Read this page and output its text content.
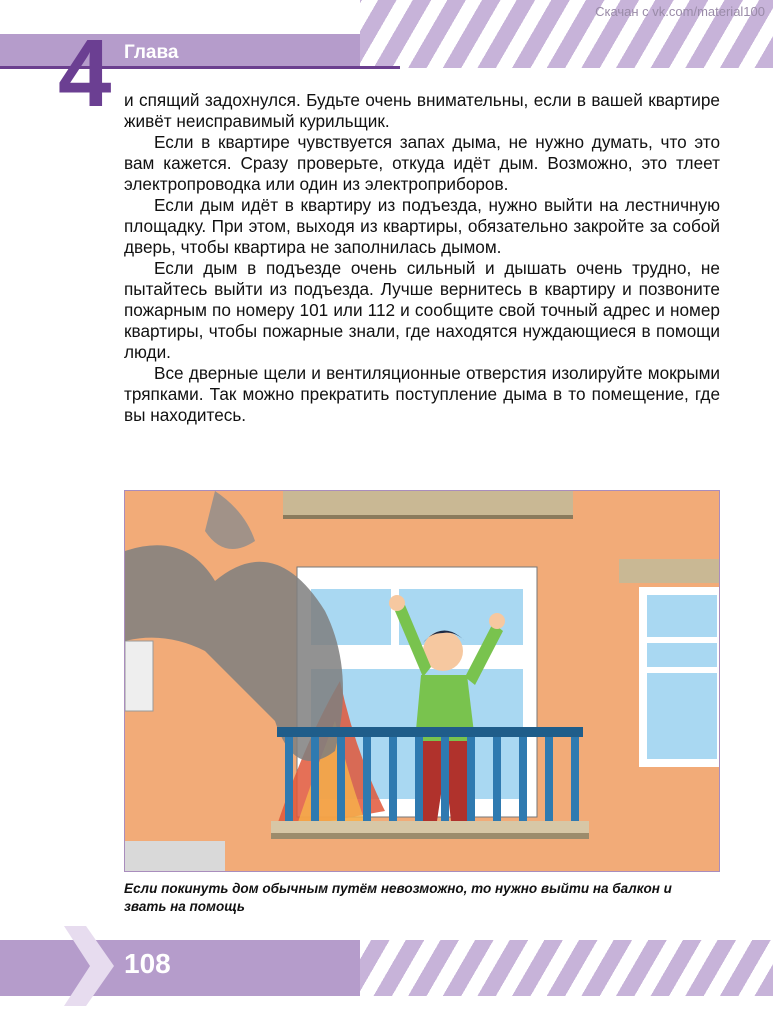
Глава
4
Скачан с vk.com/material100

и спящий задохнулся. Будьте очень внимательны, если в вашей квартире живёт неисправимый курильщик.

Если в квартире чувствуется запах дыма, не нужно думать, что это вам кажется. Сразу проверьте, откуда идёт дым. Возможно, это тлеет электропроводка или один из электроприборов.

Если дым идёт в квартиру из подъезда, нужно выйти на лестничную площадку. При этом, выходя из квартиры, обязательно закройте за собой дверь, чтобы квартира не заполнилась дымом.

Если дым в подъезде очень сильный и дышать очень трудно, не пытайтесь выйти из подъезда. Лучше вернитесь в квартиру и позвоните пожарным по номеру 101 или 112 и сообщите свой точный адрес и номер квартиры, чтобы пожарные знали, где находятся нуждающиеся в помощи люди.

Все дверные щели и вентиляционные отверстия изолируйте мокрыми тряпками. Так можно прекратить поступление дыма в то помещение, где вы находитесь.

Если покинуть дом обычным путём невозможно, то нужно выйти на балкон и звать на помощь
108
